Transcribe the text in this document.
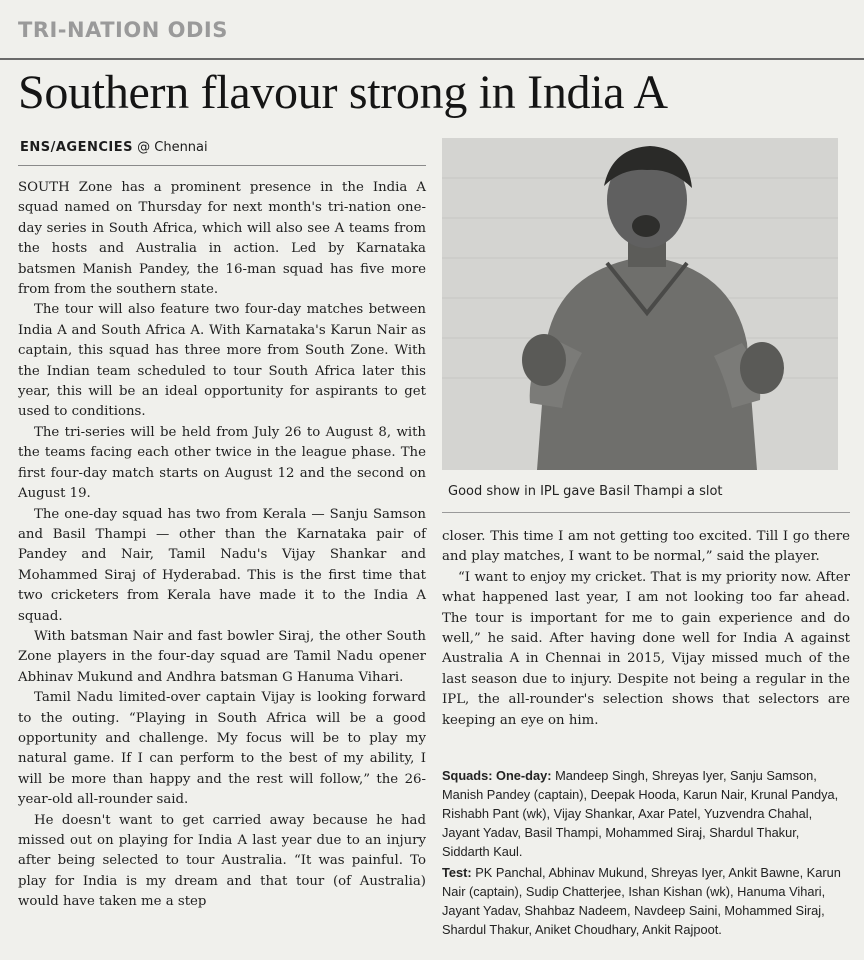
TRI-NATION ODIS
Southern flavour strong in India A
ENS/AGENCIES @ Chennai

SOUTH Zone has a prominent presence in the India A squad named on Thursday for next month's tri-nation one-day series in South Africa, which will also see A teams from the hosts and Australia in action. Led by Karnataka batsmen Manish Pandey, the 16-man squad has five more from from the southern state.

The tour will also feature two four-day matches between India A and South Africa A. With Karnataka's Karun Nair as captain, this squad has three more from South Zone. With the Indian team scheduled to tour South Africa later this year, this will be an ideal opportunity for aspirants to get used to conditions.

The tri-series will be held from July 26 to August 8, with the teams facing each other twice in the league phase. The first four-day match starts on August 12 and the second on August 19.

The one-day squad has two from Kerala — Sanju Samson and Basil Thampi — other than the Karnataka pair of Pandey and Nair, Tamil Nadu's Vijay Shankar and Mohammed Siraj of Hyderabad. This is the first time that two cricketers from Kerala have made it to the India A squad.

With batsman Nair and fast bowler Siraj, the other South Zone players in the four-day squad are Tamil Nadu opener Abhinav Mukund and Andhra batsman G Hanuma Vihari.

Tamil Nadu limited-over captain Vijay is looking forward to the outing. “Playing in South Africa will be a good opportunity and challenge. My focus will be to play my natural game. If I can perform to the best of my ability, I will be more than happy and the rest will follow,” the 26-year-old all-rounder said.

He doesn't want to get carried away because he had missed out on playing for India A last year due to an injury after being selected to tour Australia. “It was painful. To play for India is my dream and that tour (of Australia) would have taken me a step

Good show in IPL gave Basil Thampi a slot

closer. This time I am not getting too excited. Till I go there and play matches, I want to be normal,” said the player.

“I want to enjoy my cricket. That is my priority now. After what happened last year, I am not looking too far ahead. The tour is important for me to gain experience and do well,” he said. After having done well for India A against Australia A in Chennai in 2015, Vijay missed much of the last season due to injury. Despite not being a regular in the IPL, the all-rounder's selection shows that selectors are keeping an eye on him.

Squads: One-day: Mandeep Singh, Shreyas Iyer, Sanju Samson, Manish Pandey (captain), Deepak Hooda, Karun Nair, Krunal Pandya, Rishabh Pant (wk), Vijay Shankar, Axar Patel, Yuzvendra Chahal, Jayant Yadav, Basil Thampi, Mohammed Siraj, Shardul Thakur, Siddarth Kaul.

Test: PK Panchal, Abhinav Mukund, Shreyas Iyer, Ankit Bawne, Karun Nair (captain), Sudip Chatterjee, Ishan Kishan (wk), Hanuma Vihari, Jayant Yadav, Shahbaz Nadeem, Navdeep Saini, Mohammed Siraj, Shardul Thakur, Aniket Choudhary, Ankit Rajpoot.
